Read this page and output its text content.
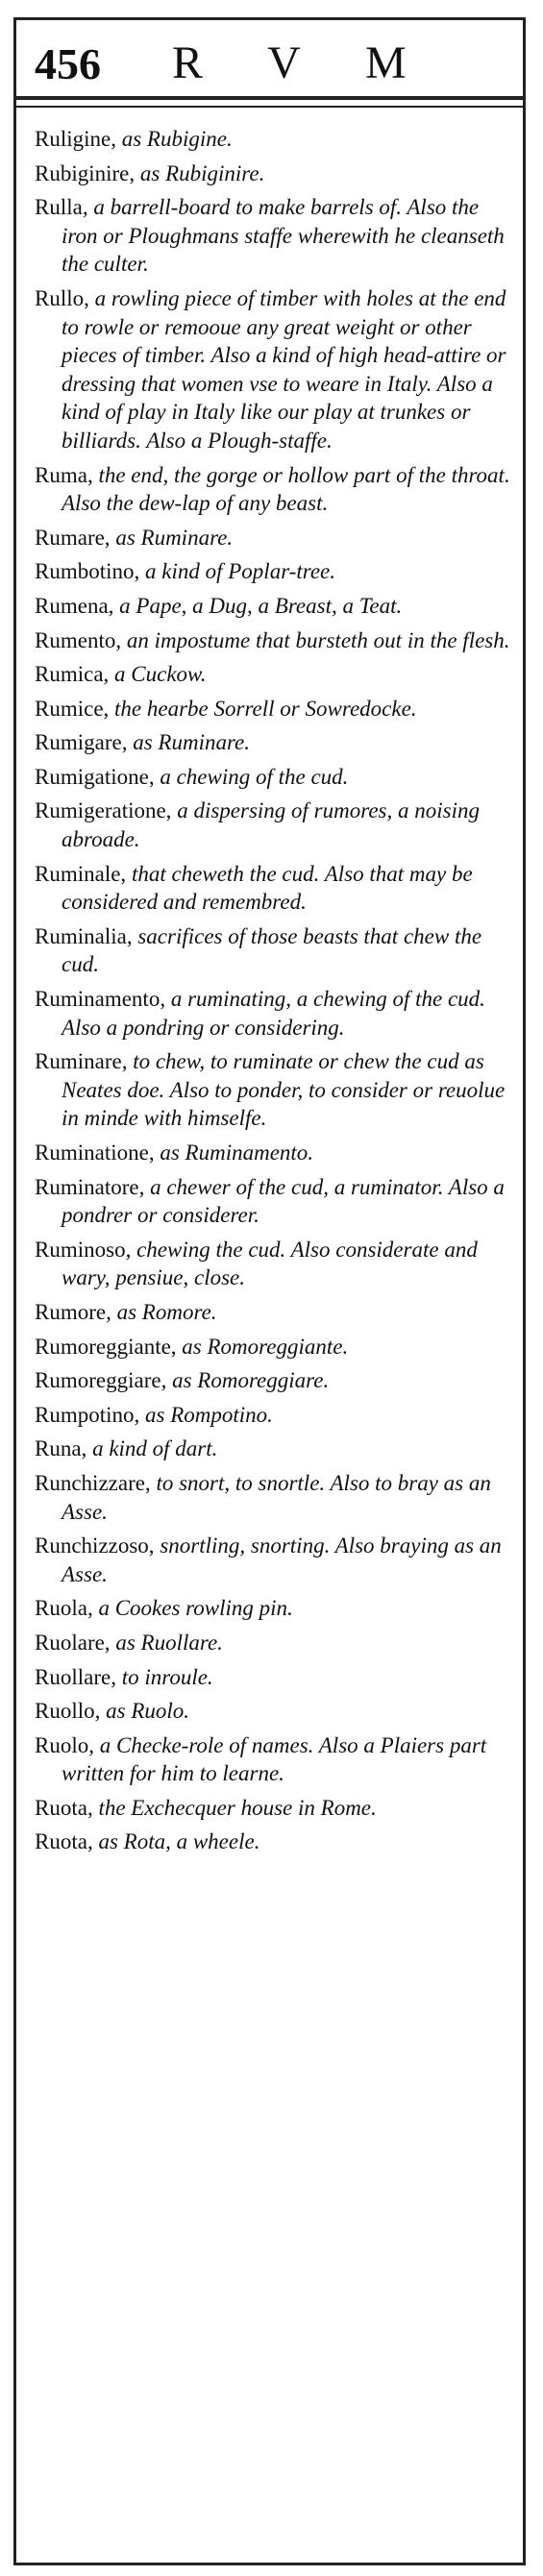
456 R V M

Ruligine, as Rubigine.

Rubiginire, as Rubiginire.

Rulla, a barrell-board to make barrels of. Also the iron or Ploughmans staffe wherewith he cleanseth the culter.

Rullo, a rowling piece of timber with holes at the end to rowle or remooue any great weight or other pieces of timber. Also a kind of high head-attire or dressing that women vse to weare in Italy. Also a kind of play in Italy like our play at trunkes or billiards. Also a Plough-staffe.

Ruma, the end, the gorge or hollow part of the throat. Also the dew-lap of any beast.

Rumare, as Ruminare.

Rumbotino, a kind of Poplar-tree.

Rumena, a Pape, a Dug, a Breast, a Teat.

Rumento, an impostume that bursteth out in the flesh.

Rumica, a Cuckow.

Rumice, the hearbe Sorrell or Sowredocke.

Rumigare, as Ruminare.

Rumigatione, a chewing of the cud.

Rumigeratione, a dispersing of rumores, a noising abroade.

Ruminale, that cheweth the cud. Also that may be considered and remembred.

Ruminalia, sacrifices of those beasts that chew the cud.

Ruminamento, a ruminating, a chewing of the cud. Also a pondring or considering.

Ruminare, to chew, to ruminate or chew the cud as Neates doe. Also to ponder, to consider or reuolue in minde with himselfe.

Ruminatione, as Ruminamento.

Ruminatore, a chewer of the cud, a ruminator. Also a pondrer or considerer.

Ruminoso, chewing the cud. Also considerate and wary, pensiue, close.

Rumore, as Romore.

Rumoreggiante, as Romoreggiante.

Rumoreggiare, as Romoreggiare.

Rumpotino, as Rompotino.

Runa, a kind of dart.

Runchizzare, to snort, to snortle. Also to bray as an Asse.

Runchizzoso, snortling, snorting. Also braying as an Asse.

Ruola, a Cookes rowling pin.

Ruolare, as Ruollare.

Ruollare, to inroule.

Ruollo, as Ruolo.

Ruolo, a Checke-role of names. Also a Plaiers part written for him to learne.

Ruota, the Exchecquer house in Rome.

Ruota, as Rota, a wheele.
